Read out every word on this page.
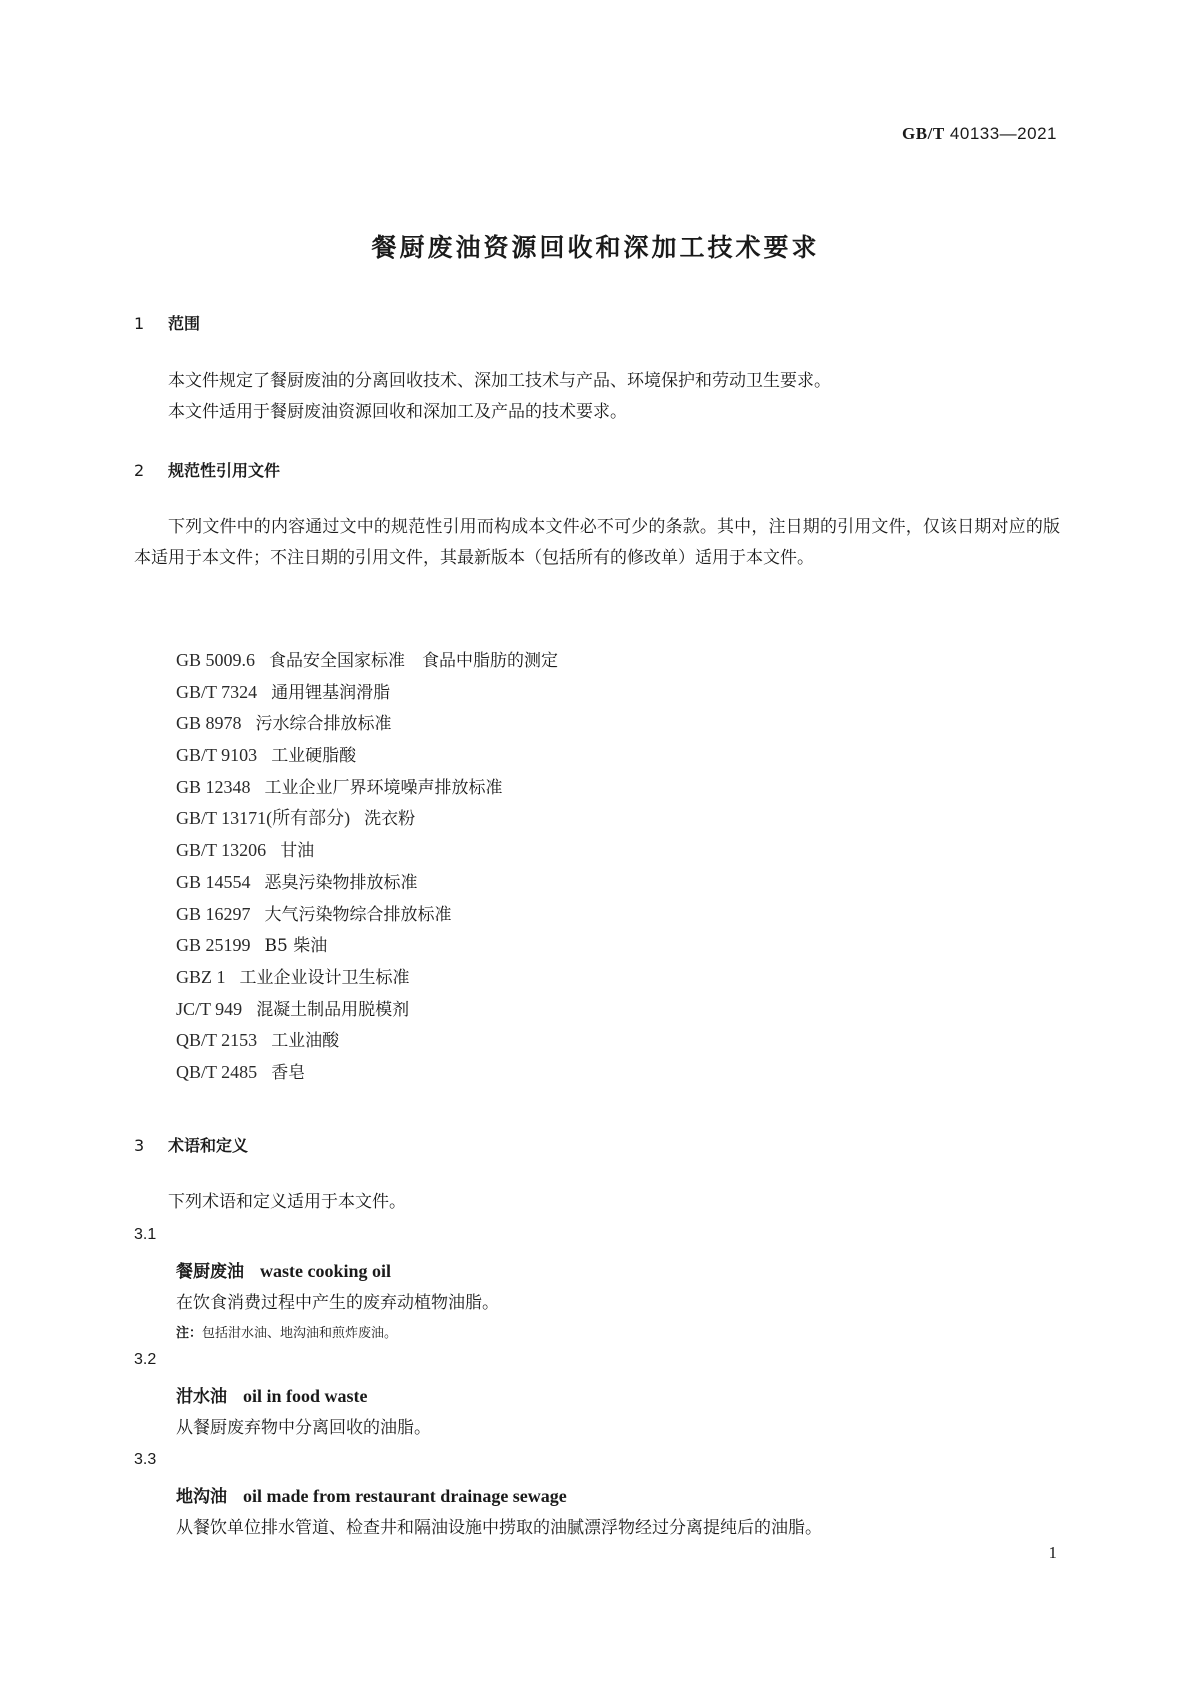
GB/T 40133—2021
餐厨废油资源回收和深加工技术要求
1 范围
本文件规定了餐厨废油的分离回收技术、深加工技术与产品、环境保护和劳动卫生要求。
本文件适用于餐厨废油资源回收和深加工及产品的技术要求。
2 规范性引用文件
下列文件中的内容通过文中的规范性引用而构成本文件必不可少的条款。其中，注日期的引用文件，仅该日期对应的版本适用于本文件；不注日期的引用文件，其最新版本（包括所有的修改单）适用于本文件。
GB 5009.6 食品安全国家标准　食品中脂肪的测定
GB/T 7324 通用锂基润滑脂
GB 8978 污水综合排放标准
GB/T 9103 工业硬脂酸
GB 12348 工业企业厂界环境噪声排放标准
GB/T 13171(所有部分) 洗衣粉
GB/T 13206 甘油
GB 14554 恶臭污染物排放标准
GB 16297 大气污染物综合排放标准
GB 25199 B5 柴油
GBZ 1 工业企业设计卫生标准
JC/T 949 混凝土制品用脱模剂
QB/T 2153 工业油酸
QB/T 2485 香皂
3 术语和定义
下列术语和定义适用于本文件。
3.1
餐厨废油 waste cooking oil
在饮食消费过程中产生的废弃动植物油脂。
注：包括泔水油、地沟油和煎炸废油。
3.2
泔水油 oil in food waste
从餐厨废弃物中分离回收的油脂。
3.3
地沟油 oil made from restaurant drainage sewage
从餐饮单位排水管道、检查井和隔油设施中捞取的油腻漂浮物经过分离提纯后的油脂。
1
